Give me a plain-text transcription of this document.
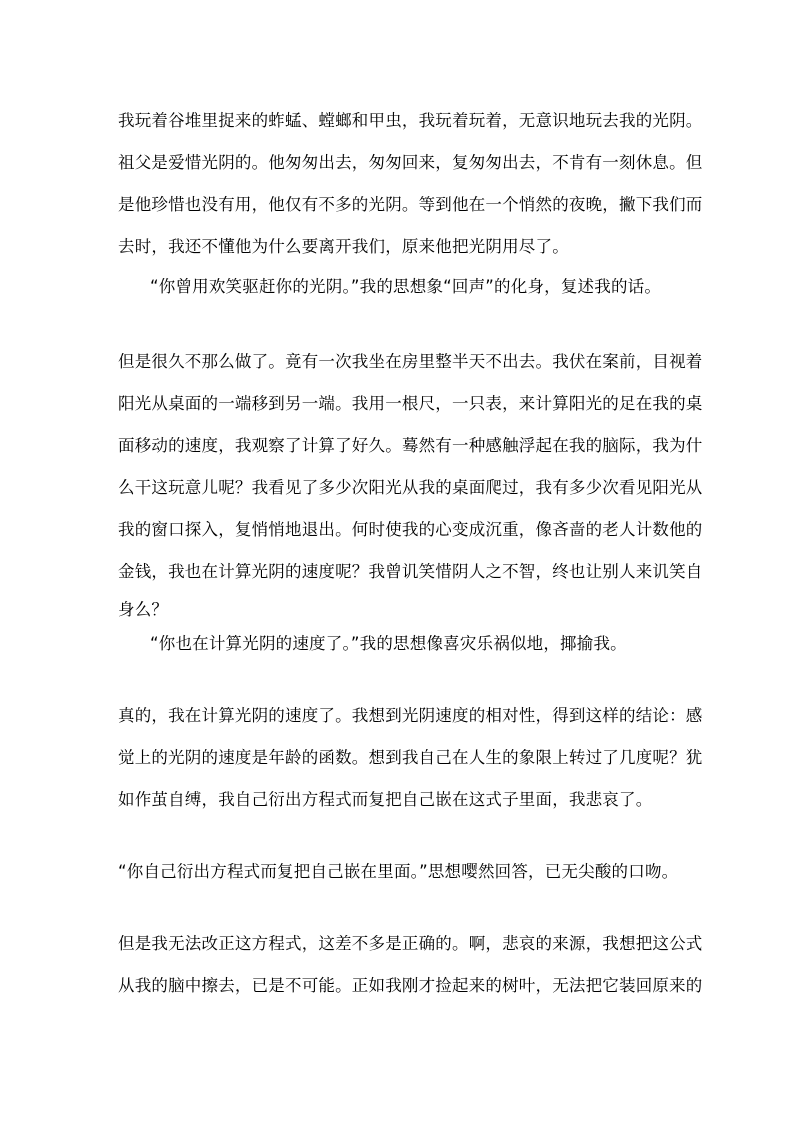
我玩着谷堆里捉来的蚱蜢、螳螂和甲虫，我玩着玩着，无意识地玩去我的光阴。
祖父是爱惜光阴的。他匆匆出去，匆匆回来，复匆匆出去，不肯有一刻休息。但
是他珍惜也没有用，他仅有不多的光阴。等到他在一个悄然的夜晚，撇下我们而
去时，我还不懂他为什么要离开我们，原来他把光阴用尽了。
“你曾用欢笑驱赶你的光阴。”我的思想象“回声”的化身，复述我的话。
但是很久不那么做了。竟有一次我坐在房里整半天不出去。我伏在案前，目视着
阳光从桌面的一端移到另一端。我用一根尺，一只表，来计算阳光的足在我的桌
面移动的速度，我观察了计算了好久。蓦然有一种感触浮起在我的脑际，我为什
么干这玩意儿呢？我看见了多少次阳光从我的桌面爬过，我有多少次看见阳光从
我的窗口探入，复悄悄地退出。何时使我的心变成沉重，像吝啬的老人计数他的
金钱，我也在计算光阴的速度呢？我曾讥笑惜阴人之不智，终也让别人来讥笑自
身么？
“你也在计算光阴的速度了。”我的思想像喜灾乐祸似地，揶揄我。
真的，我在计算光阴的速度了。我想到光阴速度的相对性，得到这样的结论：感
觉上的光阴的速度是年龄的函数。想到我自己在人生的象限上转过了几度呢？犹
如作茧自缚，我自己衍出方程式而复把自己嵌在这式子里面，我悲哀了。
“你自己衍出方程式而复把自己嵌在里面。”思想嘤然回答，已无尖酸的口吻。
但是我无法改正这方程式，这差不多是正确的。啊，悲哀的来源，我想把这公式
从我的脑中擦去，已是不可能。正如我刚才捡起来的树叶，无法把它装回原来的
